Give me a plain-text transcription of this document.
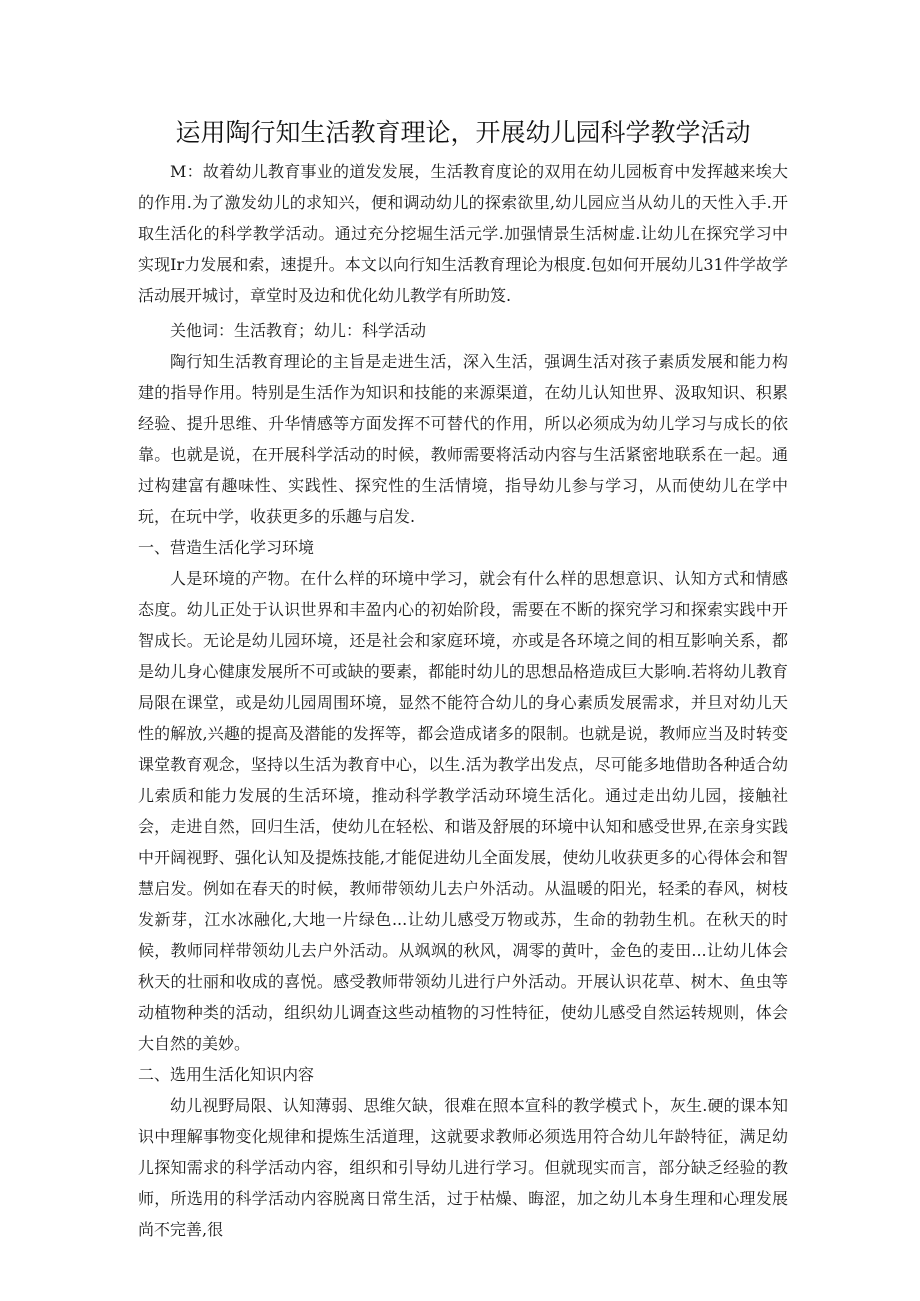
运用陶行知生活教育理论，开展幼儿园科学教学活动

M：故着幼儿教育事业的道发发展，生活教育度论的双用在幼儿园板育中发挥越来埃大的作用.为了激发幼儿的求知兴，便和调动幼儿的探索欲里,幼儿园应当从幼儿的天性入手.开取生活化的科学教学活动。通过充分挖堀生活元学.加强情景生活树虚.让幼儿在探究学习中实现Ir力发展和索，速提升。本文以向行知生活教育理论为根度.包如何开展幼儿31件学故学活动展开城讨，章堂时及边和优化幼儿教学有所助笈.

关他词：生活教育；幼儿：科学活动

陶行知生活教育理论的主旨是走进生活，深入生活，强调生活对孩子素质发展和能力构建的指导作用。特别是生活作为知识和技能的来源渠道，在幼儿认知世界、汲取知识、积累经验、提升思维、升华情感等方面发挥不可替代的作用，所以必须成为幼儿学习与成长的依靠。也就是说，在开展科学活动的时候，教师需要将活动内容与生活紧密地联系在一起。通过构建富有趣味性、实践性、探究性的生活情境，指导幼儿参与学习，从而使幼儿在学中玩，在玩中学，收获更多的乐趣与启发.

一、营造生活化学习环境

人是环境的产物。在什么样的环境中学习，就会有什么样的思想意识、认知方式和情感态度。幼儿正处于认识世界和丰盈内心的初始阶段，需要在不断的探究学习和探索实践中开智成长。无论是幼儿园环境，还是社会和家庭环境，亦或是各环境之间的相互影响关系，都是幼儿身心健康发展所不可或缺的要素，都能时幼儿的思想品格造成巨大影响.若将幼儿教育局限在课堂，或是幼儿园周围环境，显然不能符合幼儿的身心素质发展需求，并旦对幼儿天性的解放,兴趣的提高及潜能的发挥等，都会造成诸多的限制。也就是说，教师应当及时转变课堂教育观念，坚持以生活为教育中心，以生.活为教学出发点，尽可能多地借助各种适合幼儿索质和能力发展的生活环境，推动科学教学活动环境生活化。通过走出幼儿园，接触社会，走进自然，回归生活，使幼儿在轻松、和谐及舒展的环境中认知和感受世界,在亲身实践中开阔视野、强化认知及提炼技能,才能促进幼儿全面发展，使幼儿收获更多的心得体会和智慧启发。例如在春天的时候，教师带领幼儿去户外活动。从温暖的阳光，轻柔的春风，树枝发新芽，江水冰融化,大地一片绿色...让幼儿感受万物或苏，生命的勃勃生机。在秋天的时候，教师同样带领幼儿去户外活动。从飒飒的秋风，凋零的黄叶，金色的麦田...让幼儿体会秋天的壮丽和收成的喜悦。感受教师带领幼儿进行户外活动。开展认识花草、树木、鱼虫等动植物种类的活动，组织幼儿调查这些动植物的习性特征，使幼儿感受自然运转规则，体会大自然的美妙。

二、选用生活化知识内容

幼儿视野局限、认知薄弱、思维欠缺，很难在照本宣科的教学模式卜，灰生.硬的课本知识中理解事物变化规律和提炼生活道理，这就要求教师必须选用符合幼儿年龄特征，满足幼儿探知需求的科学活动内容，组织和引导幼儿进行学习。但就现实而言，部分缺乏经验的教师，所选用的科学活动内容脱离日常生活，过于枯燥、晦涩，加之幼儿本身生理和心理发展尚不完善,很
